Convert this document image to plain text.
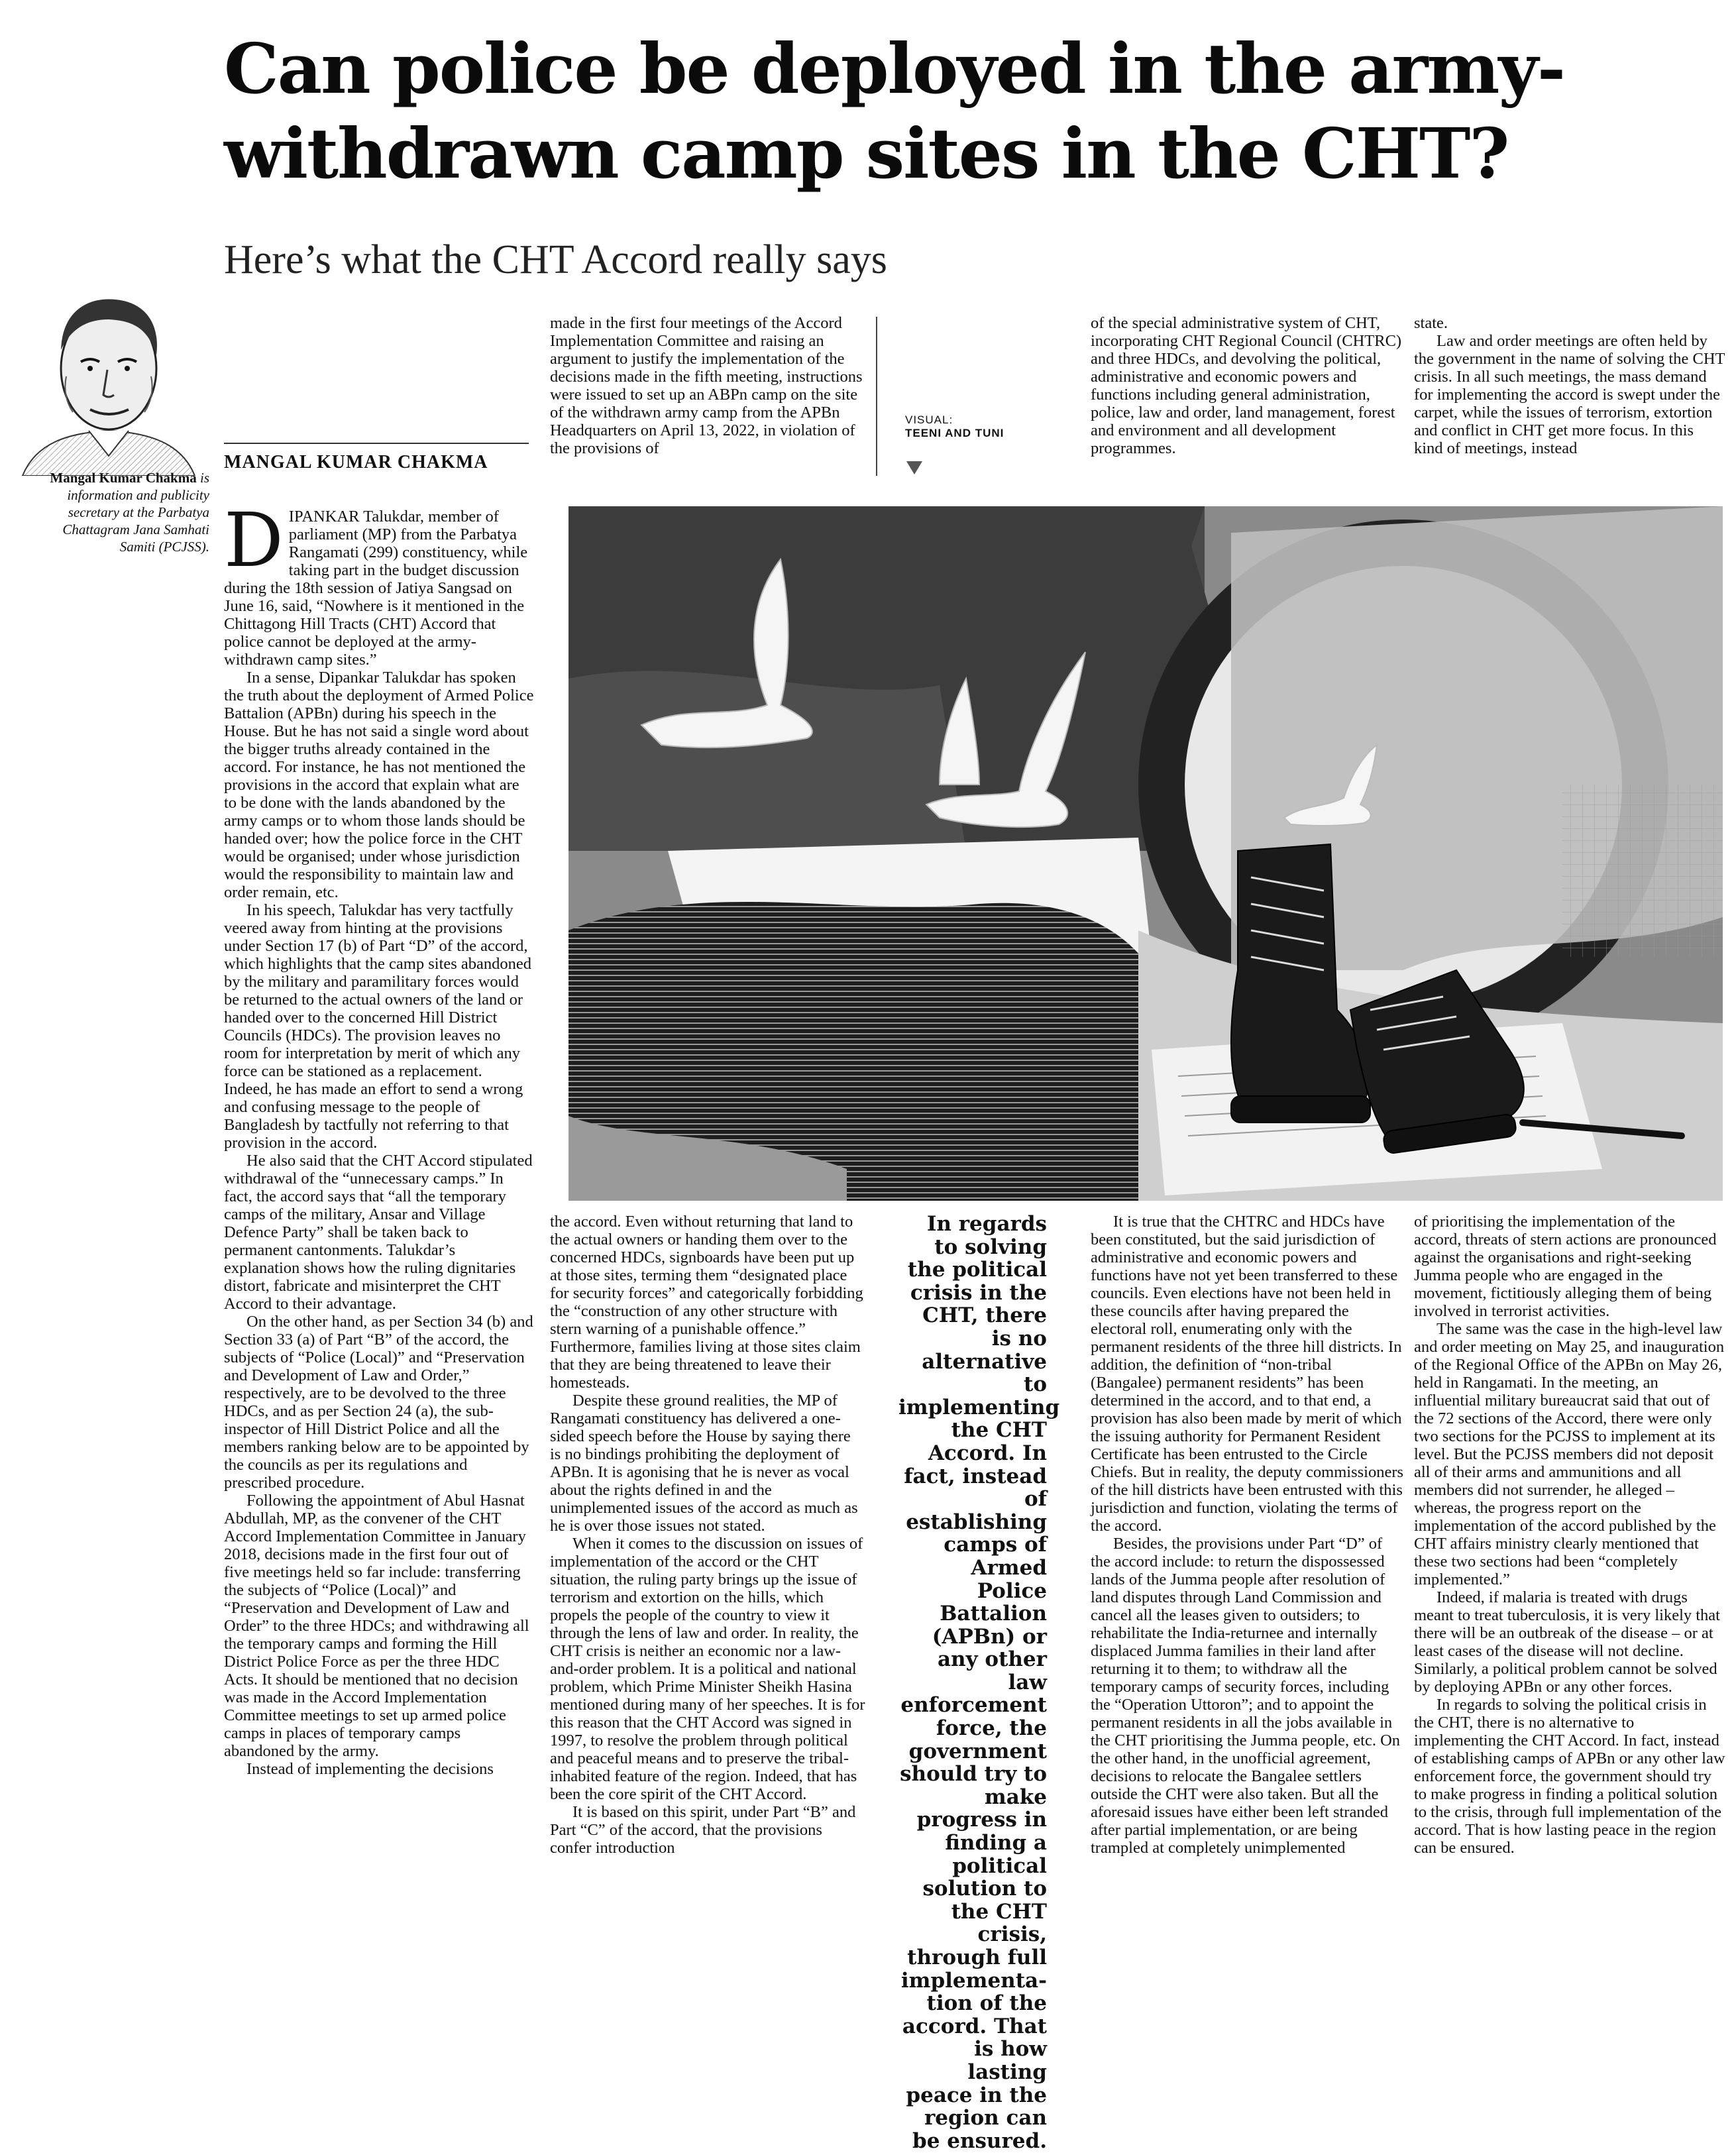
Can police be deployed in the army-
withdrawn camp sites in the CHT?
Here’s what the CHT Accord really says
MANGAL KUMAR CHAKMA
Mangal Kumar Chakma is information and publicity secretary at the Parbatya Chattagram Jana Samhati Samiti (PCJSS). DIPANKAR Talukdar, member of parliament (MP) from the Parbatya Rangamati (299) constituency, while taking part in the budget discussion during the 18th session of Jatiya Sangsad on June 16, said, “Nowhere is it mentioned in the Chittagong Hill Tracts (CHT) Accord that police cannot be deployed at the army-withdrawn camp sites.”

In a sense, Dipankar Talukdar has spoken the truth about the deployment of Armed Police Battalion (APBn) during his speech in the House. But he has not said a single word about the bigger truths already contained in the accord. For instance, he has not mentioned the provisions in the accord that explain what are to be done with the lands abandoned by the army camps or to whom those lands should be handed over; how the police force in the CHT would be organised; under whose jurisdiction would the responsibility to maintain law and order remain, etc.

In his speech, Talukdar has very tactfully veered away from hinting at the provisions under Section 17 (b) of Part “D” of the accord, which highlights that the camp sites abandoned by the military and paramilitary forces would be returned to the actual owners of the land or handed over to the concerned Hill District Councils (HDCs). The provision leaves no room for interpretation by merit of which any force can be stationed as a replacement. Indeed, he has made an effort to send a wrong and confusing message to the people of Bangladesh by tactfully not referring to that provision in the accord.

He also said that the CHT Accord stipulated withdrawal of the “unnecessary camps.” In fact, the accord says that “all the temporary camps of the military, Ansar and Village Defence Party” shall be taken back to permanent cantonments. Talukdar’s explanation shows how the ruling dignitaries distort, fabricate and misinterpret the CHT Accord to their advantage.

On the other hand, as per Section 34 (b) and Section 33 (a) of Part “B” of the accord, the subjects of “Police (Local)” and “Preservation and Development of Law and Order,” respectively, are to be devolved to the three HDCs, and as per Section 24 (a), the sub-inspector of Hill District Police and all the members ranking below are to be appointed by the councils as per its regulations and prescribed procedure.

Following the appointment of Abul Hasnat Abdullah, MP, as the convener of the CHT Accord Implementation Committee in January 2018, decisions made in the first four out of five meetings held so far include: transferring the subjects of “Police (Local)” and “Preservation and Development of Law and Order” to the three HDCs; and withdrawing all the temporary camps and forming the Hill District Police Force as per the three HDC Acts. It should be mentioned that no decision was made in the Accord Implementation Committee meetings to set up armed police camps in places of temporary camps abandoned by the army.

Instead of implementing the decisions

made in the first four meetings of the Accord Implementation Committee and raising an argument to justify the implementation of the decisions made in the fifth meeting, instructions were issued to set up an ABPn camp on the site of the withdrawn army camp from the APBn Headquarters on April 13, 2022, in violation of the provisions of

VISUAL:
TEENI AND TUNI

of the special administrative system of CHT, incorporating CHT Regional Council (CHTRC) and three HDCs, and devolving the political, administrative and economic powers and functions including general administration, police, law and order, land management, forest and environment and all development programmes.

state.

Law and order meetings are often held by the government in the name of solving the CHT crisis. In all such meetings, the mass demand for implementing the accord is swept under the carpet, while the issues of terrorism, extortion and conflict in CHT get more focus. In this kind of meetings, instead

the accord. Even without returning that land to the actual owners or handing them over to the concerned HDCs, signboards have been put up at those sites, terming them “designated place for security forces” and categorically forbidding the “construction of any other structure with stern warning of a punishable offence.” Furthermore, families living at those sites claim that they are being threatened to leave their homesteads.

Despite these ground realities, the MP of Rangamati constituency has delivered a one-sided speech before the House by saying there is no bindings prohibiting the deployment of APBn. It is agonising that he is never as vocal about the rights defined in and the unimplemented issues of the accord as much as he is over those issues not stated.

When it comes to the discussion on issues of implementation of the accord or the CHT situation, the ruling party brings up the issue of terrorism and extortion on the hills, which propels the people of the country to view it through the lens of law and order. In reality, the CHT crisis is neither an economic nor a law-and-order problem. It is a political and national problem, which Prime Minister Sheikh Hasina mentioned during many of her speeches. It is for this reason that the CHT Accord was signed in 1997, to resolve the problem through political and peaceful means and to preserve the tribal-inhabited feature of the region. Indeed, that has been the core spirit of the CHT Accord.

It is based on this spirit, under Part “B” and Part “C” of the accord, that the provisions confer introduction

In regards to solving the political crisis in the CHT, there is no alternative to implementing the CHT Accord. In fact, instead of establishing camps of Armed Police Battalion (APBn) or any other law enforcement force, the government should try to make progress in finding a political solution to the CHT crisis, through full implementa-tion of the accord. That is how lasting peace in the region can be ensured.

It is true that the CHTRC and HDCs have been constituted, but the said jurisdiction of administrative and economic powers and functions have not yet been transferred to these councils. Even elections have not been held in these councils after having prepared the electoral roll, enumerating only with the permanent residents of the three hill districts. In addition, the definition of “non-tribal (Bangalee) permanent residents” has been determined in the accord, and to that end, a provision has also been made by merit of which the issuing authority for Permanent Resident Certificate has been entrusted to the Circle Chiefs. But in reality, the deputy commissioners of the hill districts have been entrusted with this jurisdiction and function, violating the terms of the accord.

Besides, the provisions under Part “D” of the accord include: to return the dispossessed lands of the Jumma people after resolution of land disputes through Land Commission and cancel all the leases given to outsiders; to rehabilitate the India-returnee and internally displaced Jumma families in their land after returning it to them; to withdraw all the temporary camps of security forces, including the “Operation Uttoron”; and to appoint the permanent residents in all the jobs available in the CHT prioritising the Jumma people, etc. On the other hand, in the unofficial agreement, decisions to relocate the Bangalee settlers outside the CHT were also taken. But all the aforesaid issues have either been left stranded after partial implementation, or are being trampled at completely unimplemented

of prioritising the implementation of the accord, threats of stern actions are pronounced against the organisations and right-seeking Jumma people who are engaged in the movement, fictitiously alleging them of being involved in terrorist activities.

The same was the case in the high-level law and order meeting on May 25, and inauguration of the Regional Office of the APBn on May 26, held in Rangamati. In the meeting, an influential military bureaucrat said that out of the 72 sections of the Accord, there were only two sections for the PCJSS to implement at its level. But the PCJSS members did not deposit all of their arms and ammunitions and all members did not surrender, he alleged – whereas, the progress report on the implementation of the accord published by the CHT affairs ministry clearly mentioned that these two sections had been “completely implemented.”

Indeed, if malaria is treated with drugs meant to treat tuberculosis, it is very likely that there will be an outbreak of the disease – or at least cases of the disease will not decline. Similarly, a political problem cannot be solved by deploying APBn or any other forces.

In regards to solving the political crisis in the CHT, there is no alternative to implementing the CHT Accord. In fact, instead of establishing camps of APBn or any other law enforcement force, the government should try to make progress in finding a political solution to the crisis, through full implementation of the accord. That is how lasting peace in the region can be ensured.
